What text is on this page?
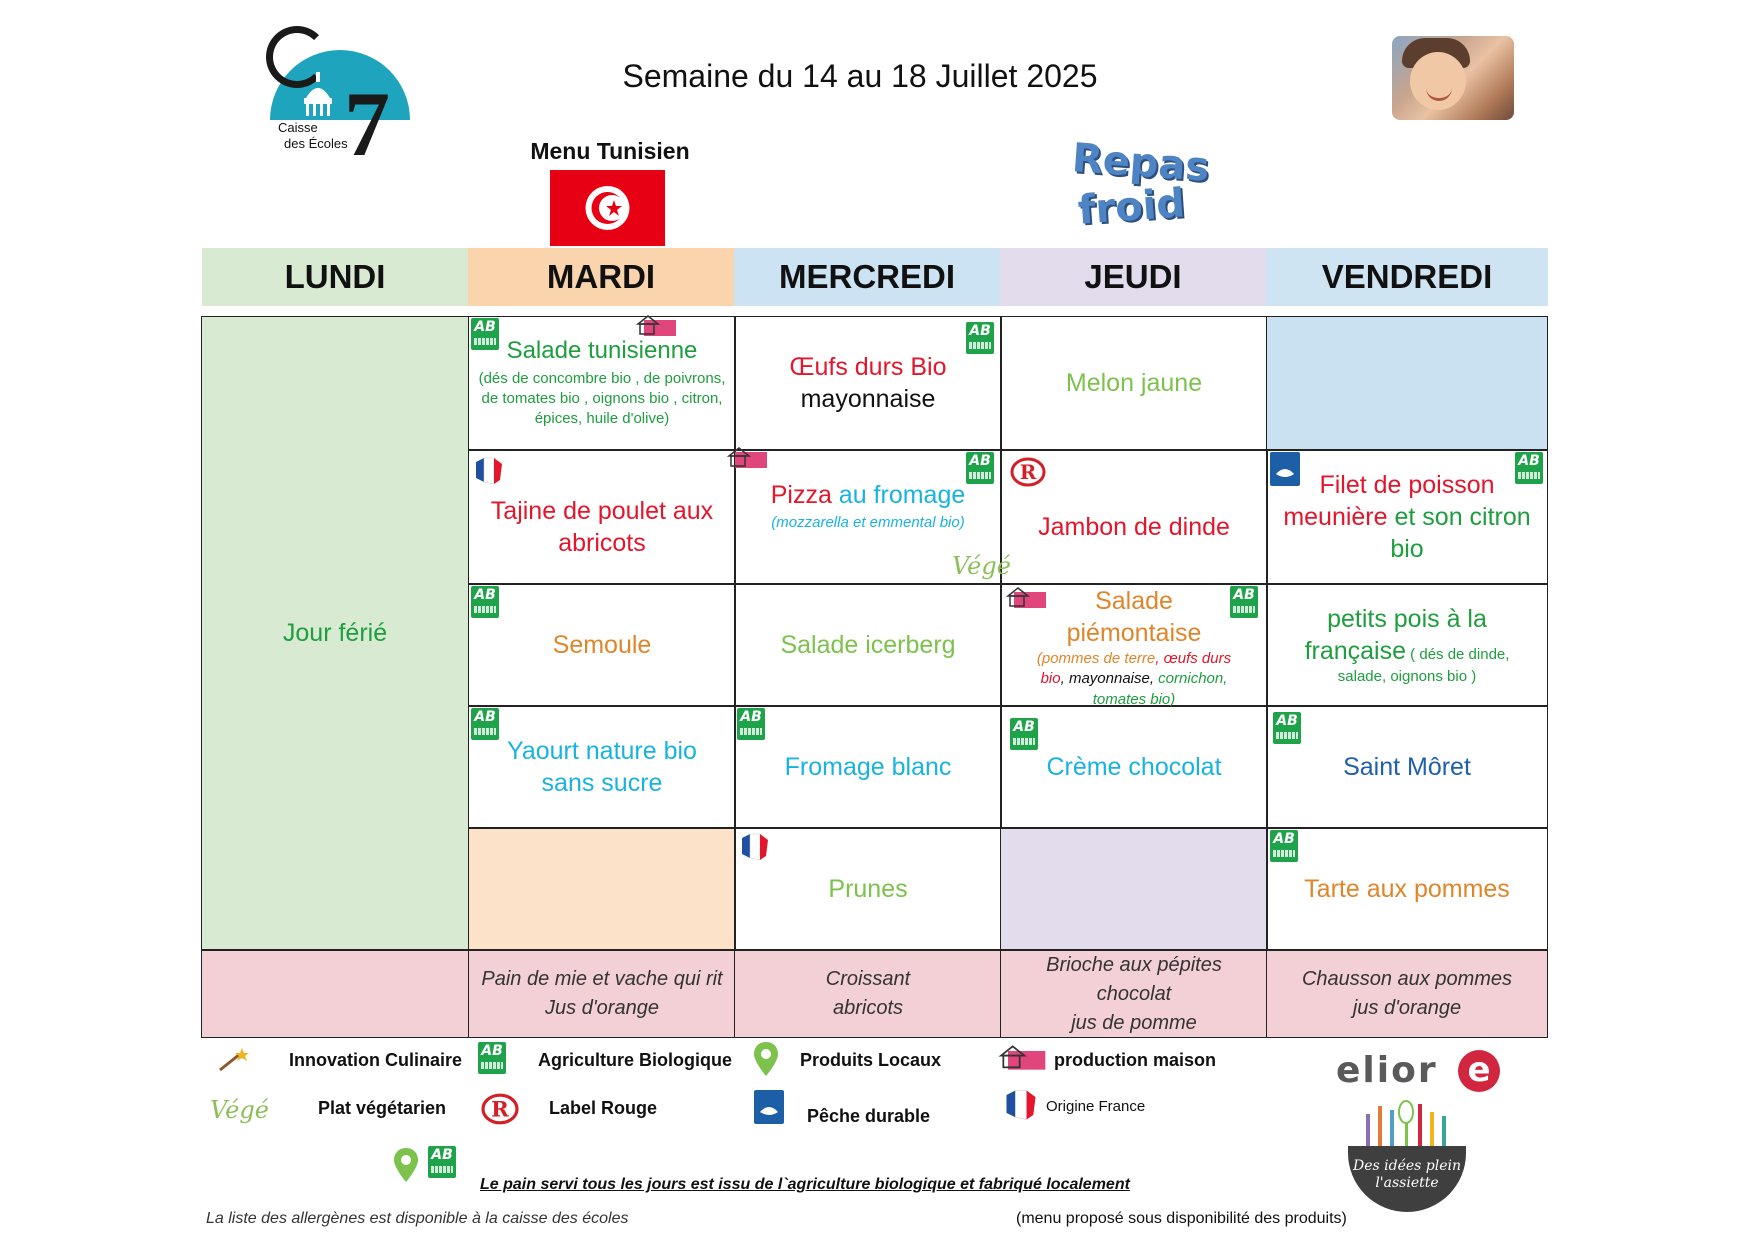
7
Caisse
des Écoles
Semaine du 14 au 18 Juillet 2025
Menu Tunisien	Repas
froid
LUNDI	MARDI	MERCREDI	JEUDI	VENDREDI
Jour férié
Salade tunisienne
(dés de concombre bio , de poivrons, de tomates bio , oignons bio , citron, épices, huile d'olive)
Tajine de poulet aux
abricots
Semoule
Yaourt nature bio
sans sucre
Œufs durs Bio
mayonnaise
Pizza au fromage
(mozzarella et emmental bio)
Salade icerberg
Fromage blanc
Prunes
Melon jaune
Jambon de dinde
Salade
piémontaise
(pommes de terre, œufs durs
bio, mayonnaise, cornichon,
tomates bio)
Crème chocolat
Filet de poisson
meunière et son citron
bio
petits pois à la
française ( dés de dinde,
salade, oignons bio )
Saint Môret
Tarte aux pommes
Pain de mie et vache qui rit
Jus d'orange
Croissant
abricots
Brioche aux pépites
chocolat
jus de pomme
Chausson aux pommes
jus d'orange
AB
AB
AB
Végé
R
AB
AB
AB
AB
AB
AB
AB
AB
Innovation Culinaire
AB	Agriculture Biologique	Produits Locaux	production maison
Végé	Plat végétarien R Label Rouge	Pêche durable	Origine France
AB
Le pain servi tous les jours est issu de l`agriculture biologique et fabriqué localement
La liste des allergènes est disponible à la caisse des écoles	(menu proposé sous disponibilité des produits)
elior e
Des idées plein
l'assiette
